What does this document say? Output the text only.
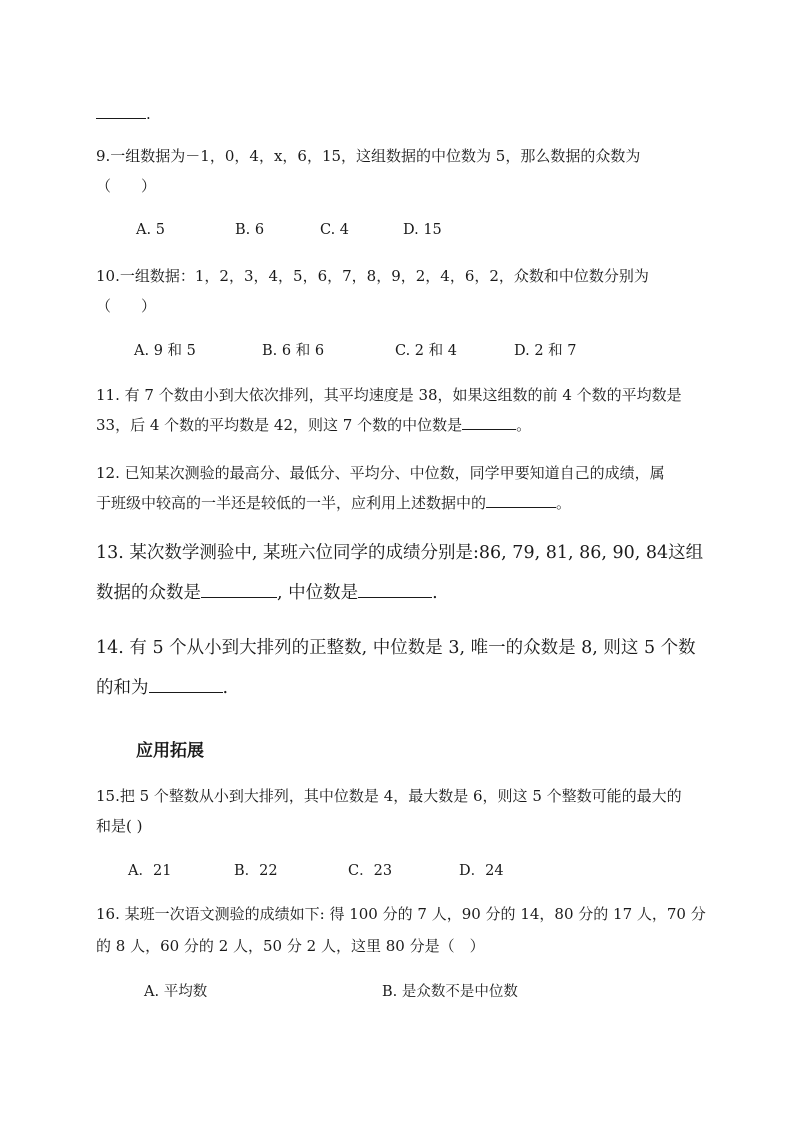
.
9.一组数据为－1，0，4，x，6，15，这组数据的中位数为 5，那么数据的众数为
（　　）
A. 5	B. 6	C. 4	D. 15
10.一组数据：1，2，3，4，5，6，7，8，9，2，4，6，2，众数和中位数分别为
（　　）
A. 9 和 5	B. 6 和 6	C. 2 和 4	D. 2 和 7
11. 有 7 个数由小到大依次排列，其平均速度是 38，如果这组数的前 4 个数的平均数是
33，后 4 个数的平均数是 42，则这 7 个数的中位数是	。
12. 已知某次测验的最高分、最低分、平均分、中位数，同学甲要知道自己的成绩，属
于班级中较高的一半还是较低的一半，应利用上述数据中的	。
13. 某次数学测验中, 某班六位同学的成绩分别是:86, 79, 81, 86, 90, 84这组
数据的众数是	, 中位数是	.
14. 有 5 个从小到大排列的正整数, 中位数是 3, 唯一的众数是 8, 则这 5 个数
的和为	.
应用拓展
15.把 5 个整数从小到大排列，其中位数是 4，最大数是 6，则这 5 个整数可能的最大的
和是( )
A．21	B．22	C．23	D．24
16. 某班一次语文测验的成绩如下: 得 100 分的 7 人，90 分的 14，80 分的 17 人，70 分
的 8 人，60 分的 2 人，50 分 2 人，这里 80 分是（　）
A. 平均数	B. 是众数不是中位数
